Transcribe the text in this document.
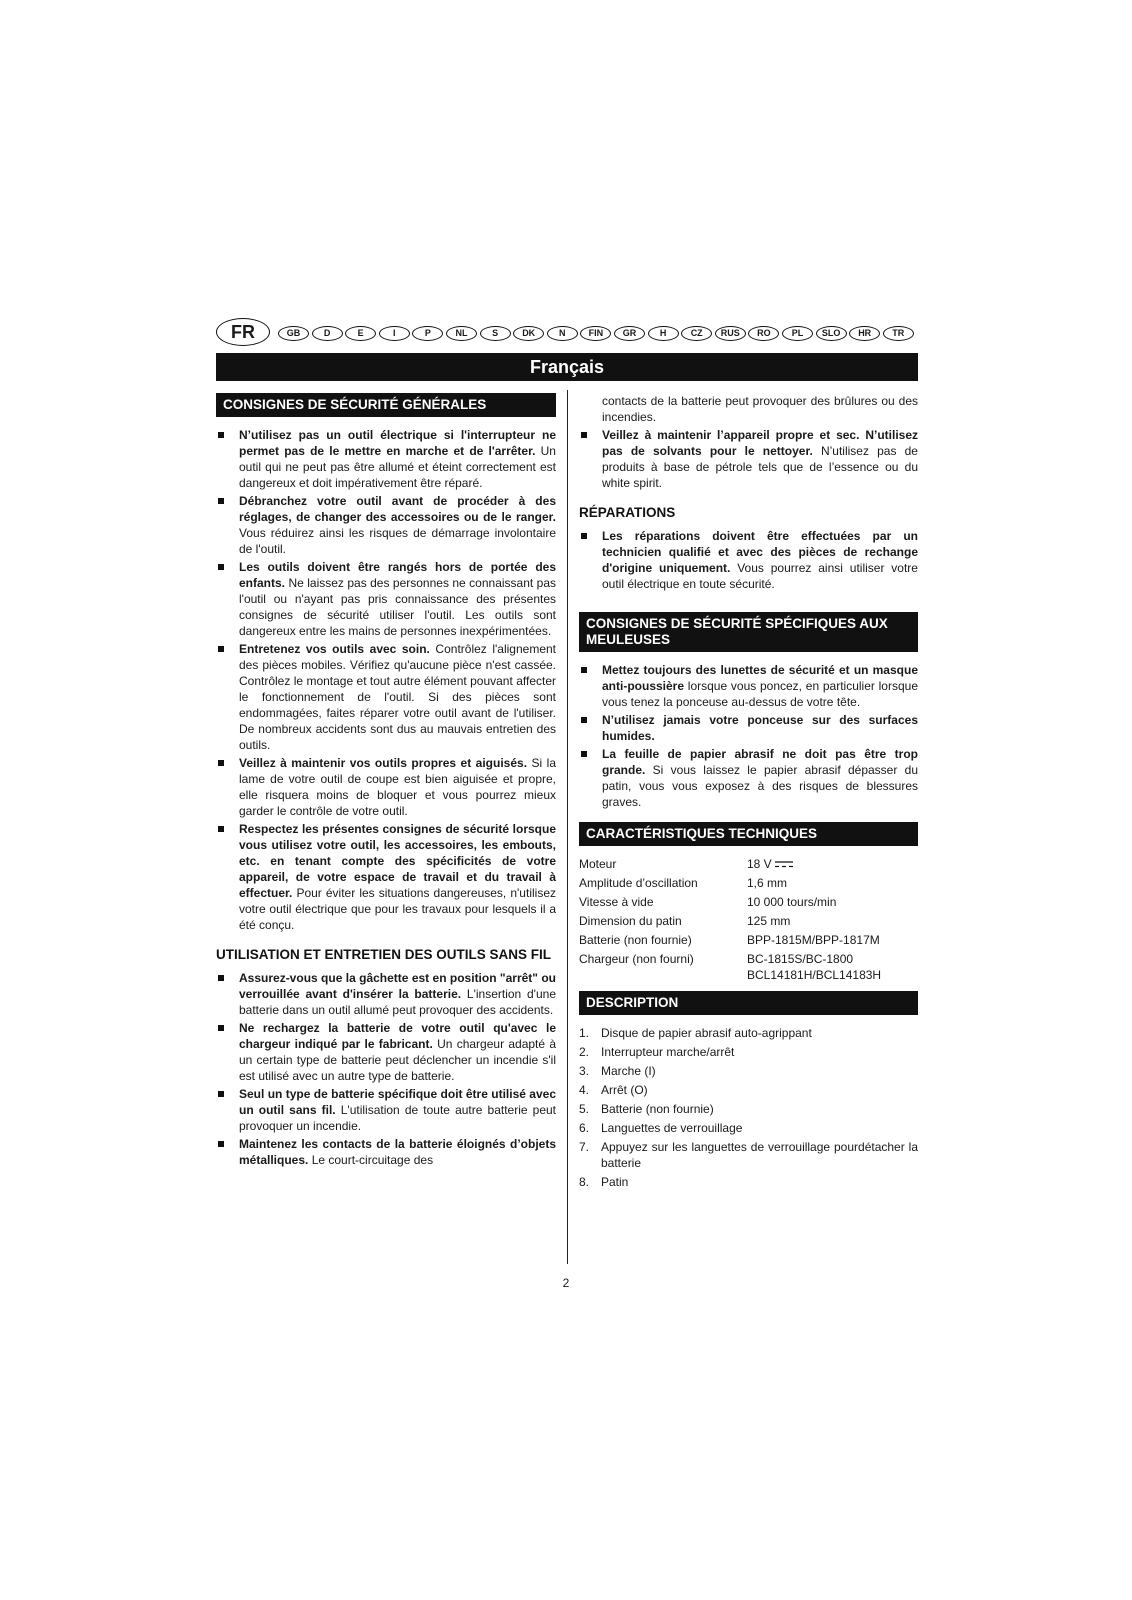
FR	GB	D	E	I	P	NL	S	DK	N	FIN	GR	H	CZ	RUS	RO	PL	SLO	HR	TR
Français
CONSIGNES DE SÉCURITÉ GÉNÉRALES
N’utilisez pas un outil électrique si l'interrupteur ne permet pas de le mettre en marche et de l'arrêter. Un outil qui ne peut pas être allumé et éteint correctement est dangereux et doit impérativement être réparé.
Débranchez votre outil avant de procéder à des réglages, de changer des accessoires ou de le ranger. Vous réduirez ainsi les risques de démarrage involontaire de l'outil.
Les outils doivent être rangés hors de portée des enfants. Ne laissez pas des personnes ne connaissant pas l'outil ou n'ayant pas pris connaissance des présentes consignes de sécurité utiliser l'outil. Les outils sont dangereux entre les mains de personnes inexpérimentées.
Entretenez vos outils avec soin. Contrôlez l'alignement des pièces mobiles. Vérifiez qu'aucune pièce n'est cassée. Contrôlez le montage et tout autre élément pouvant affecter le fonctionnement de l'outil. Si des pièces sont endommagées, faites réparer votre outil avant de l'utiliser. De nombreux accidents sont dus au mauvais entretien des outils.
Veillez à maintenir vos outils propres et aiguisés. Si la lame de votre outil de coupe est bien aiguisée et propre, elle risquera moins de bloquer et vous pourrez mieux garder le contrôle de votre outil.
Respectez les présentes consignes de sécurité lorsque vous utilisez votre outil, les accessoires, les embouts, etc. en tenant compte des spécificités de votre appareil, de votre espace de travail et du travail à effectuer. Pour éviter les situations dangereuses, n'utilisez votre outil électrique que pour les travaux pour lesquels il a été conçu.
UTILISATION ET ENTRETIEN DES OUTILS SANS FIL
Assurez-vous que la gâchette est en position "arrêt" ou verrouillée avant d'insérer la batterie. L'insertion d'une batterie dans un outil allumé peut provoquer des accidents.
Ne rechargez la batterie de votre outil qu'avec le chargeur indiqué par le fabricant. Un chargeur adapté à un certain type de batterie peut déclencher un incendie s'il est utilisé avec un autre type de batterie.
Seul un type de batterie spécifique doit être utilisé avec un outil sans fil. L'utilisation de toute autre batterie peut provoquer un incendie.
Maintenez les contacts de la batterie éloignés d’objets métalliques. Le court-circuitage des

contacts de la batterie peut provoquer des brûlures ou des incendies.

Veillez à maintenir l’appareil propre et sec. N’utilisez pas de solvants pour le nettoyer. N’utilisez pas de produits à base de pétrole tels que de l’essence ou du white spirit.
RÉPARATIONS
Les réparations doivent être effectuées par un technicien qualifié et avec des pièces de rechange d'origine uniquement. Vous pourrez ainsi utiliser votre outil électrique en toute sécurité.
CONSIGNES DE SÉCURITÉ SPÉCIFIQUES AUX MEULEUSES
Mettez toujours des lunettes de sécurité et un masque anti-poussière lorsque vous poncez, en particulier lorsque vous tenez la ponceuse au-dessus de votre tête.
N’utilisez jamais votre ponceuse sur des surfaces humides.
La feuille de papier abrasif ne doit pas être trop grande. Si vous laissez le papier abrasif dépasser du patin, vous vous exposez à des risques de blessures graves.
CARACTÉRISTIQUES TECHNIQUES
Moteur	18 V
Amplitude d’oscillation	1,6 mm
Vitesse à vide	10 000 tours/min
Dimension du patin	125 mm
Batterie (non fournie)	BPP-1815M/BPP-1817M
Chargeur (non fourni)	BC-1815S/BC-1800
BCL14181H/BCL14183H
DESCRIPTION
1. Disque de papier abrasif auto-agrippant
2. Interrupteur marche/arrêt
3. Marche (I)
4. Arrêt (O)
5. Batterie (non fournie)
6. Languettes de verrouillage
7. Appuyez sur les languettes de verrouillage pourdétacher la batterie
8. Patin
2
